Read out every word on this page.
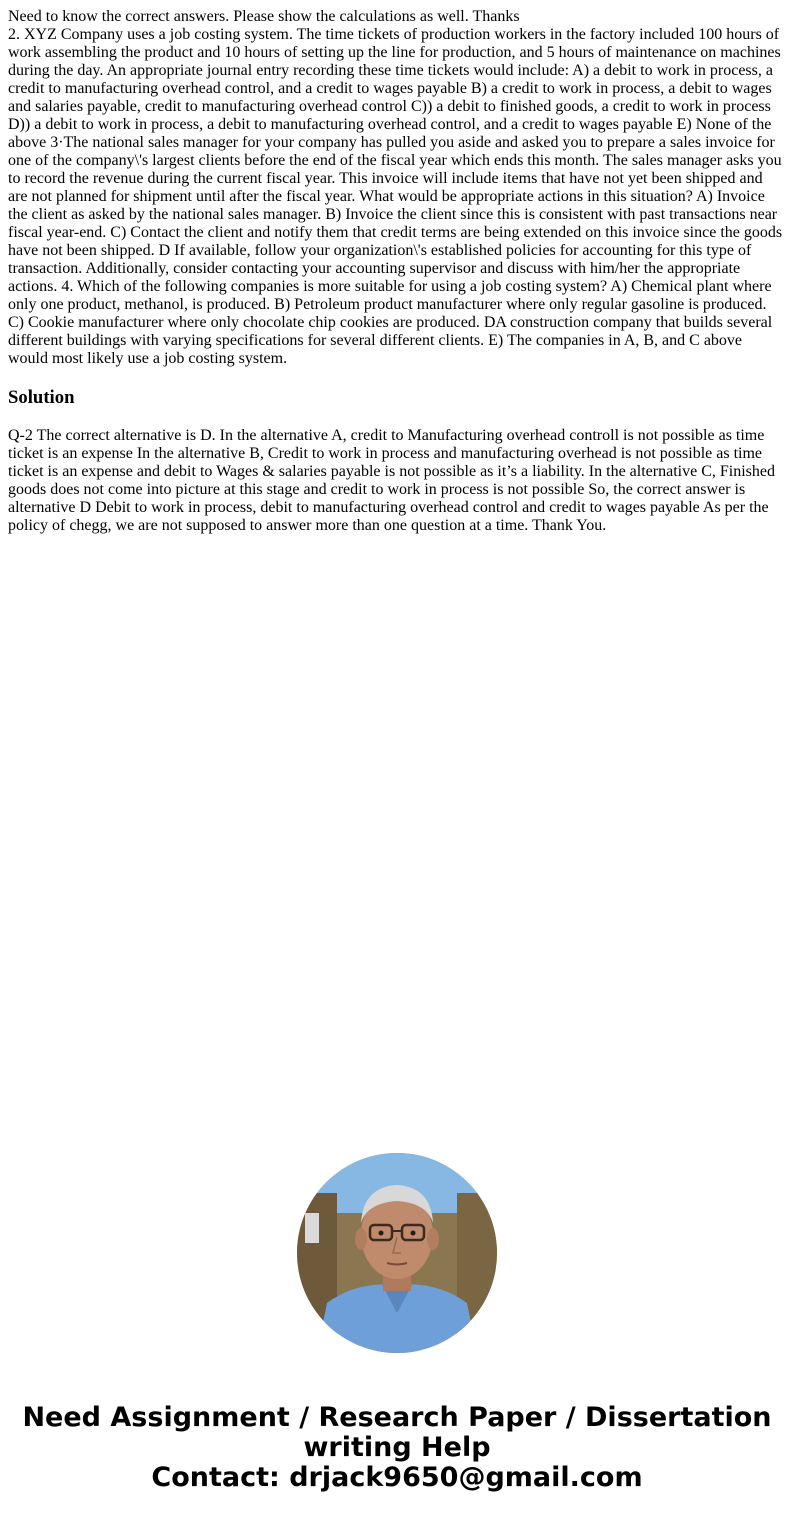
Need to know the correct answers. Please show the calculations as well. Thanks
2. XYZ Company uses a job costing system. The time tickets of production workers in the factory included 100 hours of work assembling the product and 10 hours of setting up the line for production, and 5 hours of maintenance on machines during the day. An appropriate journal entry recording these time tickets would include: A) a debit to work in process, a credit to manufacturing overhead control, and a credit to wages payable B) a credit to work in process, a debit to wages and salaries payable, credit to manufacturing overhead control C)) a debit to finished goods, a credit to work in process D)) a debit to work in process, a debit to manufacturing overhead control, and a credit to wages payable E) None of the above 3·The national sales manager for your company has pulled you aside and asked you to prepare a sales invoice for one of the company\'s largest clients before the end of the fiscal year which ends this month. The sales manager asks you to record the revenue during the current fiscal year. This invoice will include items that have not yet been shipped and are not planned for shipment until after the fiscal year. What would be appropriate actions in this situation? A) Invoice the client as asked by the national sales manager. B) Invoice the client since this is consistent with past transactions near fiscal year-end. C) Contact the client and notify them that credit terms are being extended on this invoice since the goods have not been shipped. D If available, follow your organization\'s established policies for accounting for this type of transaction. Additionally, consider contacting your accounting supervisor and discuss with him/her the appropriate actions. 4. Which of the following companies is more suitable for using a job costing system? A) Chemical plant where only one product, methanol, is produced. B) Petroleum product manufacturer where only regular gasoline is produced. C) Cookie manufacturer where only chocolate chip cookies are produced. DA construction company that builds several different buildings with varying specifications for several different clients. E) The companies in A, B, and C above would most likely use a job costing system.
Solution
Q-2 The correct alternative is D. In the alternative A, credit to Manufacturing overhead controll is not possible as time ticket is an expense In the alternative B, Credit to work in process and manufacturing overhead is not possible as time ticket is an expense and debit to Wages & salaries payable is not possible as it’s a liability. In the alternative C, Finished goods does not come into picture at this stage and credit to work in process is not possible So, the correct answer is alternative D Debit to work in process, debit to manufacturing overhead control and credit to wages payable As per the policy of chegg, we are not supposed to answer more than one question at a time. Thank You.
Need Assignment / Research Paper / Dissertation
writing Help
Contact: drjack9650@gmail.com
